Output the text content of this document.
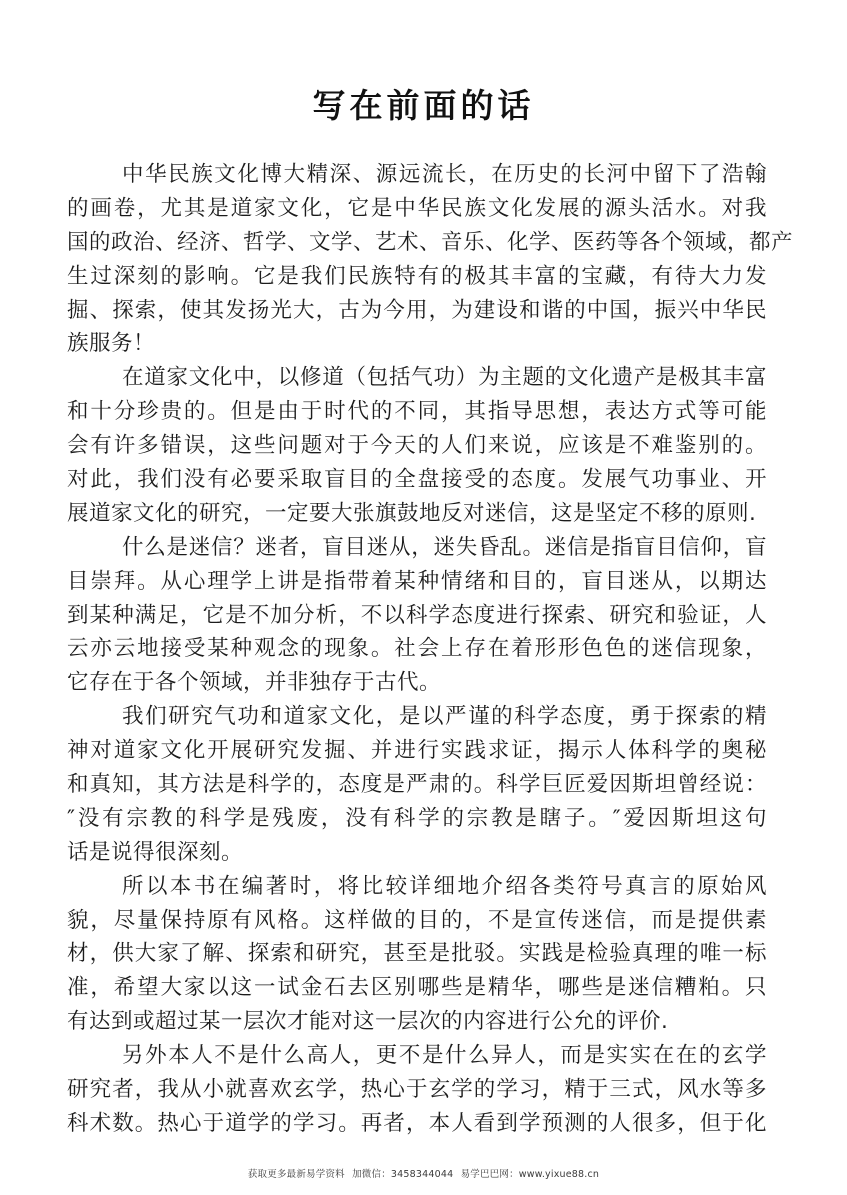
写在前面的话
中华民族文化博大精深、源远流长，在历史的长河中留下了浩翰
的画卷，尤其是道家文化，它是中华民族文化发展的源头活水。对我
国的政治、经济、哲学、文学、艺术、音乐、化学、医药等各个领域，都产
生过深刻的影响。它是我们民族特有的极其丰富的宝藏，有待大力发
掘、探索，使其发扬光大，古为今用，为建设和谐的中国，振兴中华民
族服务！
在道家文化中，以修道（包括气功）为主题的文化遗产是极其丰富
和十分珍贵的。但是由于时代的不同，其指导思想，表达方式等可能
会有许多错误，这些问题对于今天的人们来说，应该是不难鉴别的。
对此，我们没有必要采取盲目的全盘接受的态度。发展气功事业、开
展道家文化的研究，一定要大张旗鼓地反对迷信，这是坚定不移的原则.
什么是迷信？迷者，盲目迷从，迷失昏乱。迷信是指盲目信仰，盲
目崇拜。从心理学上讲是指带着某种情绪和目的，盲目迷从，以期达
到某种满足，它是不加分析，不以科学态度进行探索、研究和验证，人
云亦云地接受某种观念的现象。社会上存在着形形色色的迷信现象，
它存在于各个领域，并非独存于古代。
我们研究气功和道家文化，是以严谨的科学态度，勇于探索的精
神对道家文化开展研究发掘、并进行实践求证，揭示人体科学的奥秘
和真知，其方法是科学的，态度是严肃的。科学巨匠爱因斯坦曾经说：
″没有宗教的科学是残废，没有科学的宗教是瞎子。″爱因斯坦这句
话是说得很深刻。
所以本书在编著时，将比较详细地介绍各类符号真言的原始风
貌，尽量保持原有风格。这样做的目的，不是宣传迷信，而是提供素
材，供大家了解、探索和研究，甚至是批驳。实践是检验真理的唯一标
准，希望大家以这一试金石去区别哪些是精华，哪些是迷信糟粕。只
有达到或超过某一层次才能对这一层次的内容进行公允的评价.
另外本人不是什么高人，更不是什么异人，而是实实在在的玄学
研究者，我从小就喜欢玄学，热心于玄学的学习，精于三式，风水等多
科术数。热心于道学的学习。再者，本人看到学预测的人很多，但于化
获取更多最新易学资料 加微信：3458344044 易学巴巴网：www.yixue88.cn
